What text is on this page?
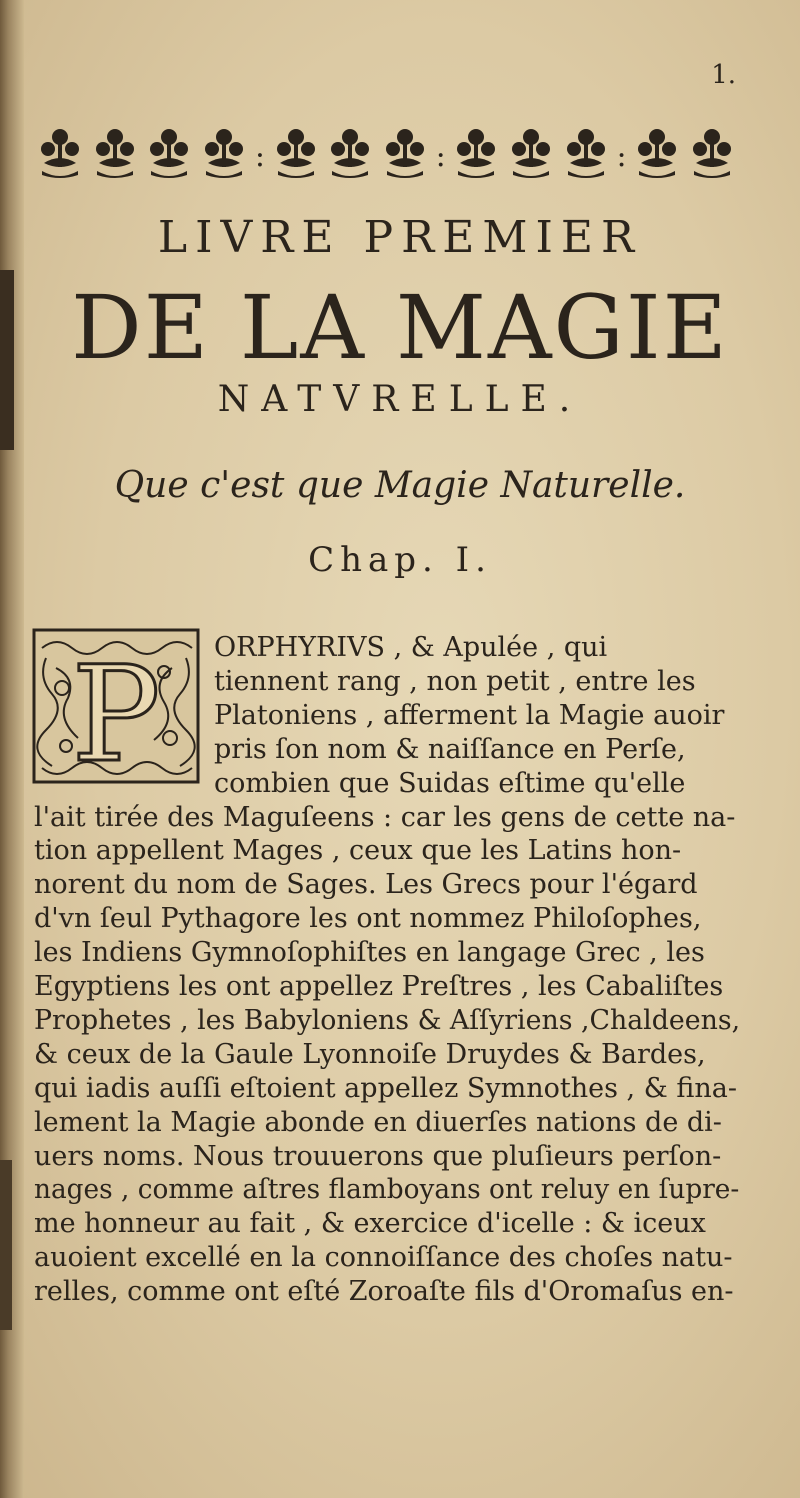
1.
:	:	:
LIVRE PREMIER
DE LA MAGIE
NATVRELLE.
Que c'est que Magie Naturelle.
Chap. I.
P ORPHYRIVS , & Apulée , qui
tiennent rang , non petit , entre les
Platoniens , afferment la Magie auoir
pris ſon nom & naiſſance en Perſe,
combien que Suidas eſtime qu'elle
l'ait tirée des Maguſeens : car les gens de cette na-
tion appellent Mages , ceux que les Latins hon-
norent du nom de Sages. Les Grecs pour l'égard
d'vn ſeul Pythagore les ont nommez Philoſophes,
les Indiens Gymnoſophiſtes en langage Grec , les
Egyptiens les ont appellez Preſtres , les Cabaliſtes
Prophetes , les Babyloniens & Aſſyriens ,Chaldeens,
& ceux de la Gaule Lyonnoiſe Druydes & Bardes,
qui iadis auſſi eſtoient appellez Symnothes , & fina-
lement la Magie abonde en diuerſes nations de di-
uers noms. Nous trouuerons que pluſieurs perſon-
nages , comme aſtres flamboyans ont reluy en ſupre-
me honneur au fait , & exercice d'icelle : & iceux
auoient excellé en la connoiſſance des choſes natu-
relles, comme ont eſté Zoroaſte fils d'Oromaſus en-
